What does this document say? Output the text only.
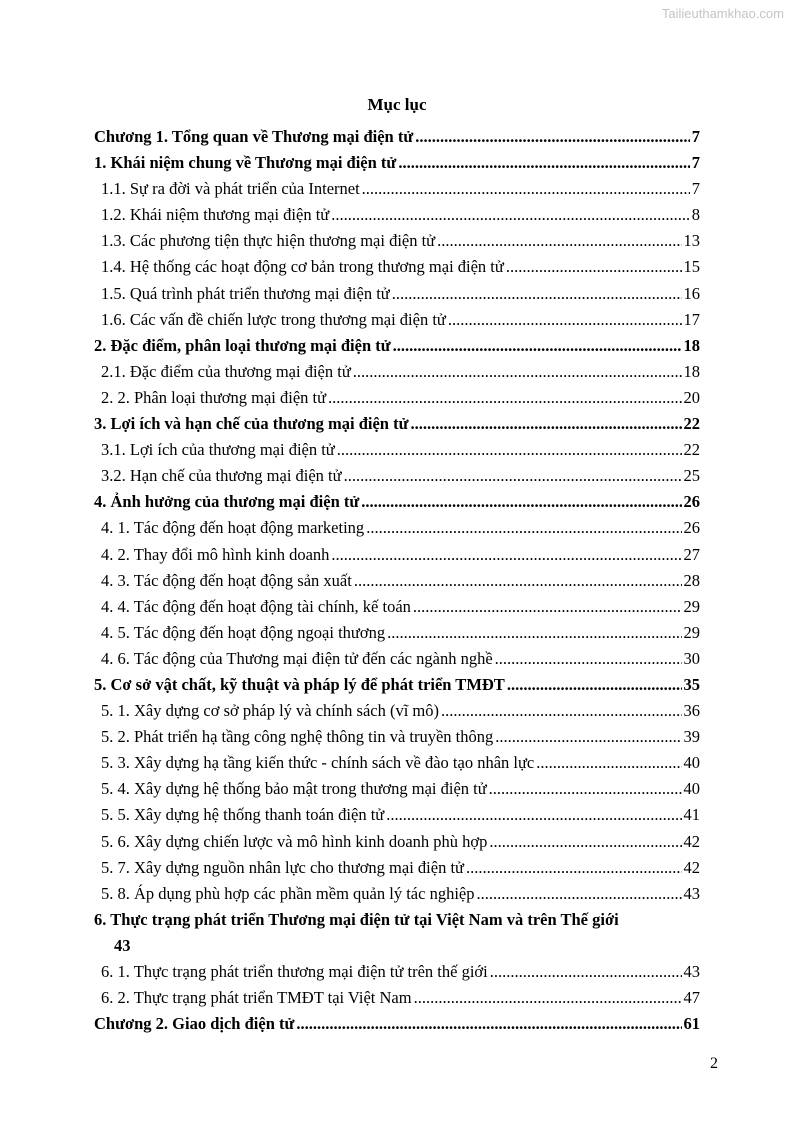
Tailieuthamkhao.com
Mục lục
Chương 1. Tổng quan về Thương mại điện tử .....	7
1. Khái niệm chung về Thương mại điện tử .....	7
1.1. Sự ra đời và phát triển của Internet .....	7
1.2. Khái niệm thương mại điện tử .....	8
1.3. Các phương tiện thực hiện thương mại điện tử .....	13
1.4. Hệ thống các hoạt động cơ bản trong thương mại điện tử .....	15
1.5. Quá trình phát triển thương mại điện tử .....	16
1.6. Các vấn đề chiến lược trong thương mại điện tử .....	17
2. Đặc điểm, phân loại thương mại điện tử .....	18
2.1. Đặc điểm của thương mại điện tử .....	18
2. 2. Phân loại thương mại điện tử .....	20
3. Lợi ích và hạn chế của thương mại điện tử .....	22
3.1. Lợi ích của thương mại điện tử .....	22
3.2. Hạn chế của thương mại điện tử .....	25
4. Ảnh hưởng của thương mại điện tử .....	26
4. 1. Tác động đến hoạt động marketing .....	26
4. 2. Thay đổi mô hình kinh doanh .....	27
4. 3. Tác động đến hoạt động sản xuất .....	28
4. 4. Tác động đến hoạt động tài chính, kế toán .....	29
4. 5. Tác động đến hoạt động ngoại thương .....	29
4. 6. Tác động của Thương mại điện tử đến các ngành nghề .....	30
5. Cơ sở vật chất, kỹ thuật và pháp lý để phát triển TMĐT .....	35
5. 1. Xây dựng cơ sở pháp lý và chính sách (vĩ mô) .....	36
5. 2. Phát triển hạ tầng công nghệ thông tin và truyền thông .....	39
5. 3. Xây dựng hạ tầng kiến thức - chính sách về đào tạo nhân lực .....	40
5. 4. Xây dựng hệ thống bảo mật trong thương mại điện tử .....	40
5. 5. Xây dựng hệ thống thanh toán điện tử .....	41
5. 6. Xây dựng chiến lược và mô hình kinh doanh phù hợp .....	42
5. 7. Xây dựng nguồn nhân lực cho thương mại điện tử .....	42
5. 8. Áp dụng phù hợp các phần mềm quản lý tác nghiệp .....	43
6. Thực trạng phát triển Thương mại điện tử tại Việt Nam và trên Thế giới
43
6. 1. Thực trạng phát triển thương mại điện tử trên thế giới .....	43
6. 2. Thực trạng phát triển TMĐT tại Việt Nam .....	47
Chương 2. Giao dịch điện tử .....	61
2
